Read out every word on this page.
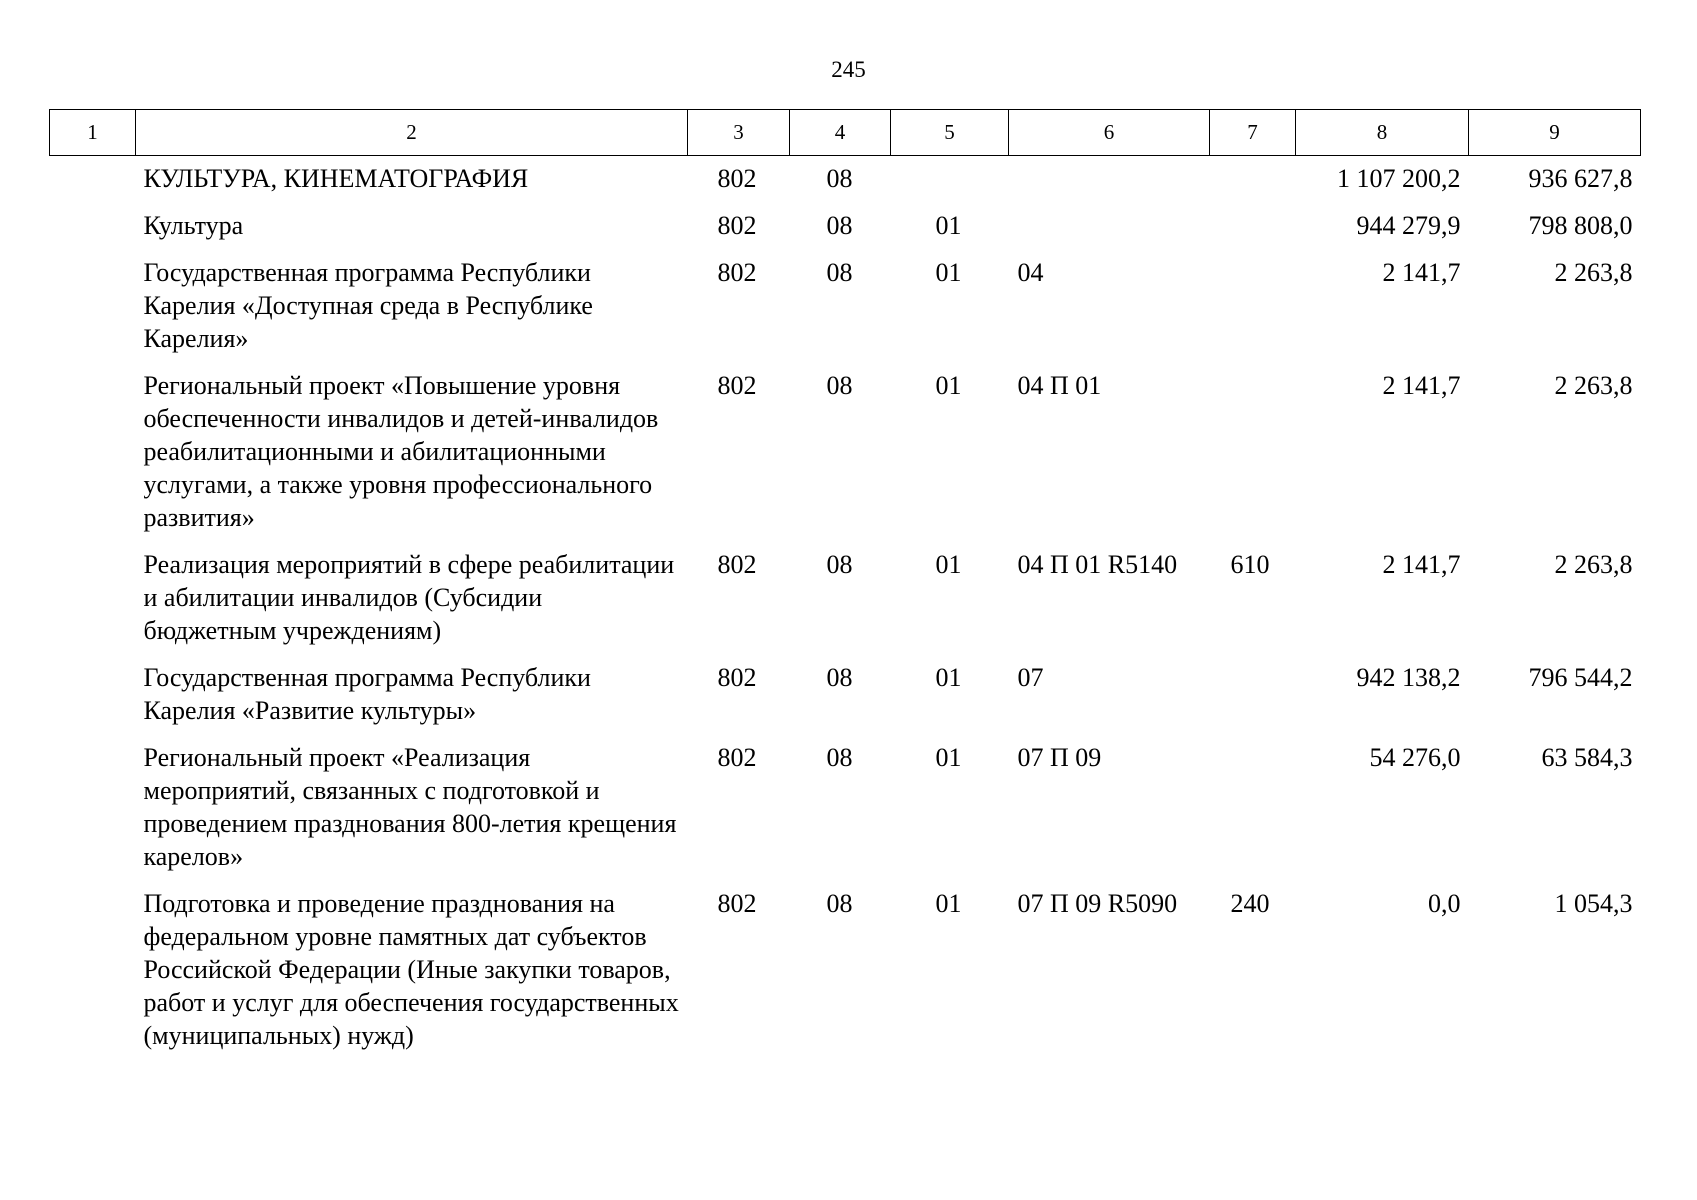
245
1	2	3	4	5	6	7	8	9
	КУЛЬТУРА, КИНЕМАТОГРАФИЯ	802	08				1 107 200,2	936 627,8
	Культура	802	08	01			944 279,9	798 808,0
	Государственная программа Республики Карелия «Доступная среда в Республике Карелия»	802	08	01	04		2 141,7	2 263,8
	Региональный проект «Повышение уровня обеспеченности инвалидов и детей-инвалидов реабилитационными и абилитационными услугами, а также уровня профессионального развития»	802	08	01	04 П 01		2 141,7	2 263,8
	Реализация мероприятий в сфере реабилитации и абилитации инвалидов (Субсидии бюджетным учреждениям)	802	08	01	04 П 01 R5140	610	2 141,7	2 263,8
	Государственная программа Республики Карелия «Развитие культуры»	802	08	01	07		942 138,2	796 544,2
	Региональный проект «Реализация мероприятий, связанных с подготовкой и проведением празднования 800-летия крещения карелов»	802	08	01	07 П 09		54 276,0	63 584,3
	Подготовка и проведение празднования на федеральном уровне памятных дат субъектов Российской Федерации (Иные закупки товаров, работ и услуг для обеспечения государственных (муниципальных) нужд)	802	08	01	07 П 09 R5090	240	0,0	1 054,3
